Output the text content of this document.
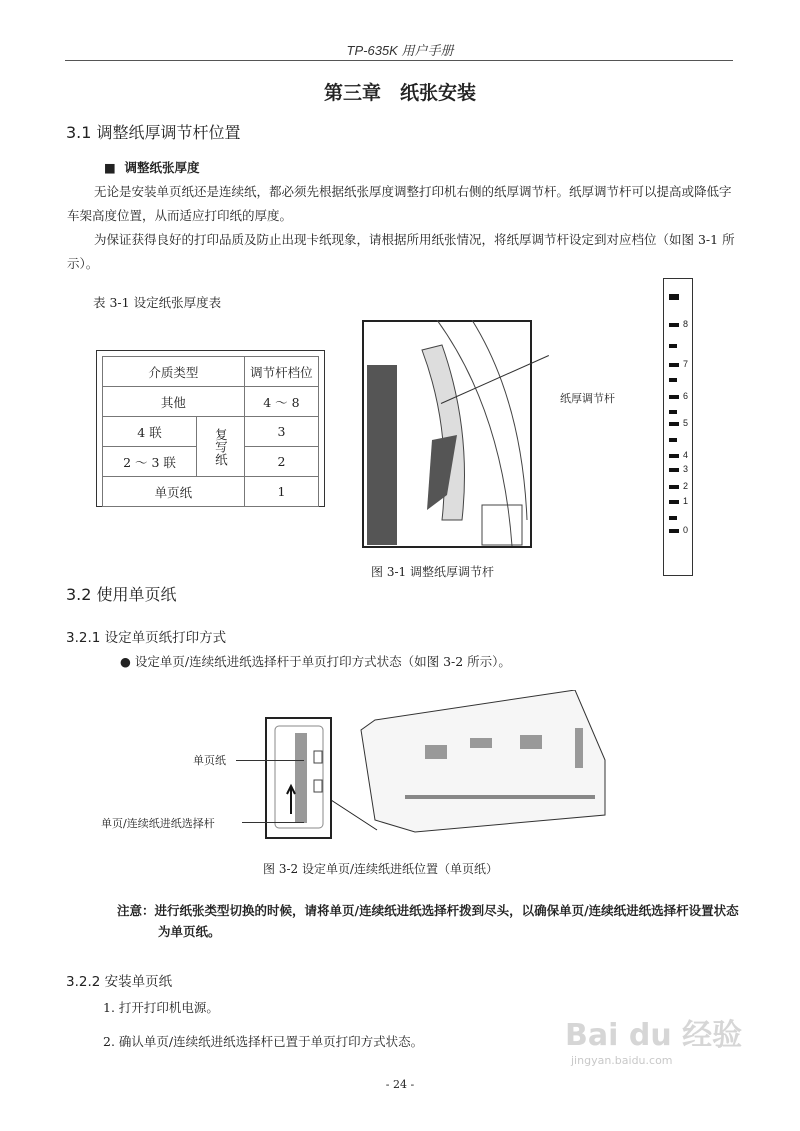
TP-635K 用户手册
第三章　纸张安装
3.1 调整纸厚调节杆位置
■  调整纸张厚度
无论是安装单页纸还是连续纸，都必须先根据纸张厚度调整打印机右侧的纸厚调节杆。纸厚调节杆可以提高或降低字车架高度位置，从而适应打印纸的厚度。
为保证获得良好的打印品质及防止出现卡纸现象，请根据所用纸张情况，将纸厚调节杆设定到对应档位（如图 3-1 所示）。
表 3-1 设定纸张厚度表
介质类型		调节杆档位
其他		4 ～ 8
4 联	复写纸	3
2 ～ 3 联		2
单页纸		1
纸厚调节杆
图 3-1 调整纸厚调节杆
8
7
6
5
4
3
2
1
0
3.2 使用单页纸
3.2.1 设定单页纸打印方式
● 设定单页/连续纸进纸选择杆于单页打印方式状态（如图 3-2 所示）。
单页纸
单页/连续纸进纸选择杆
图 3-2 设定单页/连续纸进纸位置（单页纸）
注意：进行纸张类型切换的时候，请将单页/连续纸进纸选择杆拨到尽头，以确保单页/连续纸进纸选择杆设置状态为单页纸。
3.2.2 安装单页纸
1. 打开打印机电源。
2. 确认单页/连续纸进纸选择杆已置于单页打印方式状态。	Bai du 经验
jingyan.baidu.com
- 24 -
